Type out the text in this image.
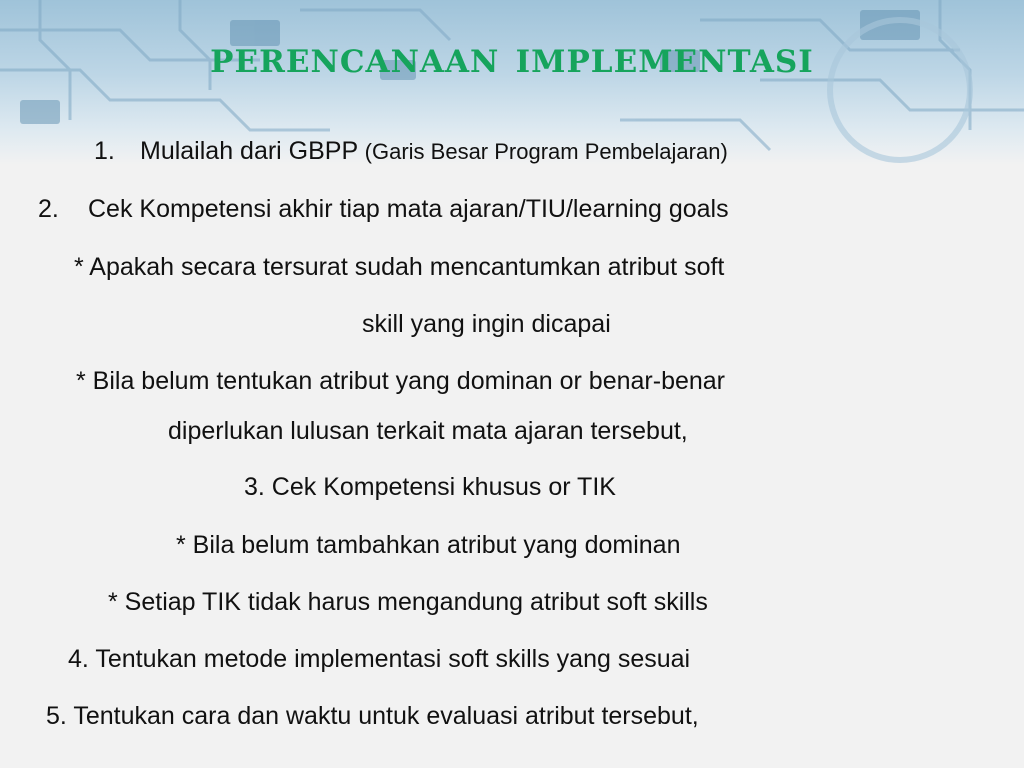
perencanaan implementasi
1. Mulailah dari GBPP (Garis Besar Program Pembelajaran)
2. Cek Kompetensi akhir tiap mata ajaran/TIU/learning goals
* Apakah secara tersurat sudah mencantumkan atribut soft
skill yang ingin dicapai
* Bila belum tentukan atribut yang dominan or benar-benar
diperlukan lulusan terkait mata ajaran tersebut,
3. Cek Kompetensi khusus or TIK
* Bila belum tambahkan atribut yang dominan
* Setiap TIK tidak harus mengandung atribut soft skills
4. Tentukan metode implementasi soft skills yang sesuai
5. Tentukan cara dan waktu untuk evaluasi atribut tersebut,
